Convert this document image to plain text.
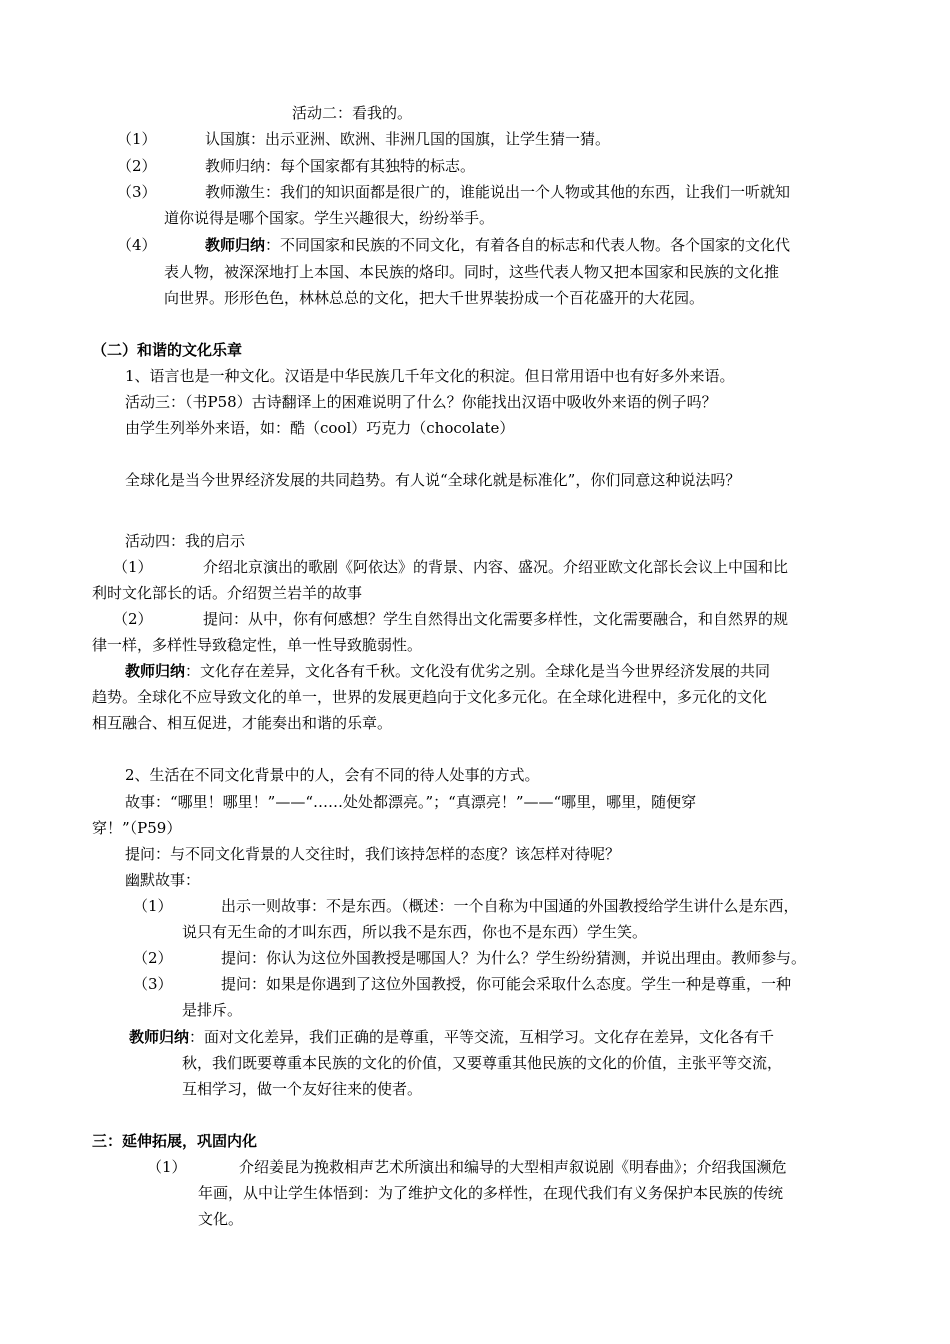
活动二：看我的。
（1）	认国旗：出示亚洲、欧洲、非洲几国的国旗，让学生猜一猜。
（2）	教师归纳：每个国家都有其独特的标志。
（3）	教师激生：我们的知识面都是很广的，谁能说出一个人物或其他的东西，让我们一听就知
道你说得是哪个国家。学生兴趣很大，纷纷举手。
（4）	教师归纳：不同国家和民族的不同文化，有着各自的标志和代表人物。各个国家的文化代
表人物，被深深地打上本国、本民族的烙印。同时，这些代表人物又把本国家和民族的文化推
向世界。形形色色，林林总总的文化，把大千世界装扮成一个百花盛开的大花园。
（二）和谐的文化乐章
1、语言也是一种文化。汉语是中华民族几千年文化的积淀。但日常用语中也有好多外来语。
活动三：（书P58）古诗翻译上的困难说明了什么？你能找出汉语中吸收外来语的例子吗？
由学生列举外来语，如：酷（cool）巧克力（chocolate）
全球化是当今世界经济发展的共同趋势。有人说“全球化就是标准化”，你们同意这种说法吗？
活动四：我的启示
（1）	介绍北京演出的歌剧《阿依达》的背景、内容、盛况。介绍亚欧文化部长会议上中国和比
利时文化部长的话。介绍贺兰岩羊的故事
（2）	提问：从中，你有何感想？学生自然得出文化需要多样性，文化需要融合，和自然界的规
律一样，多样性导致稳定性，单一性导致脆弱性。
教师归纳：文化存在差异，文化各有千秋。文化没有优劣之别。全球化是当今世界经济发展的共同
趋势。全球化不应导致文化的单一，世界的发展更趋向于文化多元化。在全球化进程中，多元化的文化
相互融合、相互促进，才能奏出和谐的乐章。
2、生活在不同文化背景中的人，会有不同的待人处事的方式。
故事：“哪里！哪里！”——“……处处都漂亮。”；“真漂亮！”——“哪里，哪里，随便穿
穿！”（P59）
提问：与不同文化背景的人交往时，我们该持怎样的态度？该怎样对待呢？
幽默故事：
（1）	出示一则故事：不是东西。（概述：一个自称为中国通的外国教授给学生讲什么是东西，
说只有无生命的才叫东西，所以我不是东西，你也不是东西）学生笑。
（2）	提问：你认为这位外国教授是哪国人？为什么？学生纷纷猜测，并说出理由。教师参与。
（3）	提问：如果是你遇到了这位外国教授，你可能会采取什么态度。学生一种是尊重，一种
是排斥。
教师归纳：面对文化差异，我们正确的是尊重，平等交流，互相学习。文化存在差异，文化各有千
秋，我们既要尊重本民族的文化的价值，又要尊重其他民族的文化的价值，主张平等交流，
互相学习，做一个友好往来的使者。
三：延伸拓展，巩固内化
（1）	介绍姜昆为挽救相声艺术所演出和编导的大型相声叙说剧《明春曲》；介绍我国濒危
年画，从中让学生体悟到：为了维护文化的多样性，在现代我们有义务保护本民族的传统
文化。
